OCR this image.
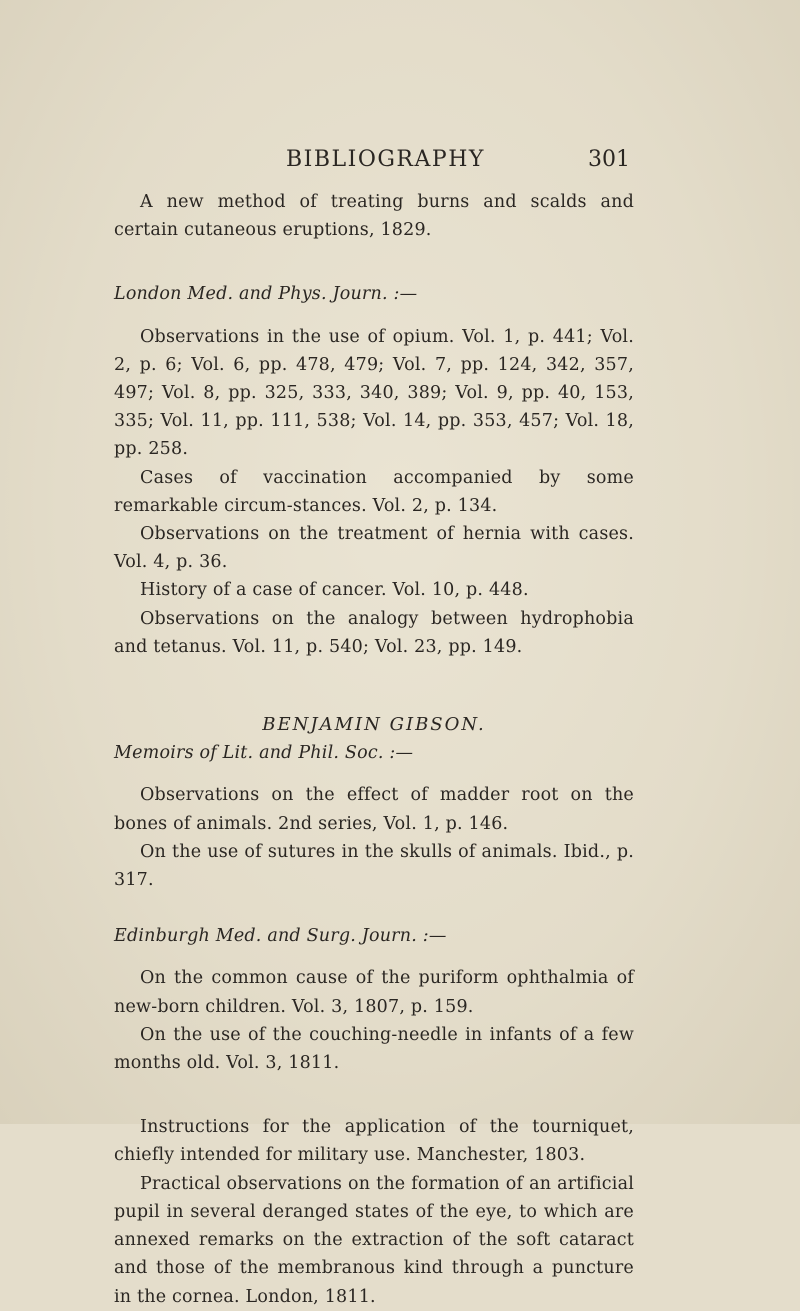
BIBLIOGRAPHY	301

A new method of treating burns and scalds and certain cutaneous eruptions, 1829.

London Med. and Phys. Journ. :—

Observations in the use of opium. Vol. 1, p. 441; Vol. 2, p. 6; Vol. 6, pp. 478, 479; Vol. 7, pp. 124, 342, 357, 497; Vol. 8, pp. 325, 333, 340, 389; Vol. 9, pp. 40, 153, 335; Vol. 11, pp. 111, 538; Vol. 14, pp. 353, 457; Vol. 18, pp. 258.

Cases of vaccination accompanied by some remarkable circum-stances. Vol. 2, p. 134.

Observations on the treatment of hernia with cases. Vol. 4, p. 36.

History of a case of cancer. Vol. 10, p. 448.

Observations on the analogy between hydrophobia and tetanus. Vol. 11, p. 540; Vol. 23, pp. 149.

BENJAMIN GIBSON.

Memoirs of Lit. and Phil. Soc. :—

Observations on the effect of madder root on the bones of animals. 2nd series, Vol. 1, p. 146.

On the use of sutures in the skulls of animals. Ibid., p. 317.

Edinburgh Med. and Surg. Journ. :—

On the common cause of the puriform ophthalmia of new-born children. Vol. 3, 1807, p. 159.

On the use of the couching-needle in infants of a few months old. Vol. 3, 1811.

Instructions for the application of the tourniquet, chiefly intended for military use. Manchester, 1803.

Practical observations on the formation of an artificial pupil in several deranged states of the eye, to which are annexed remarks on the extraction of the soft cataract and those of the membranous kind through a puncture in the cornea. London, 1811.
